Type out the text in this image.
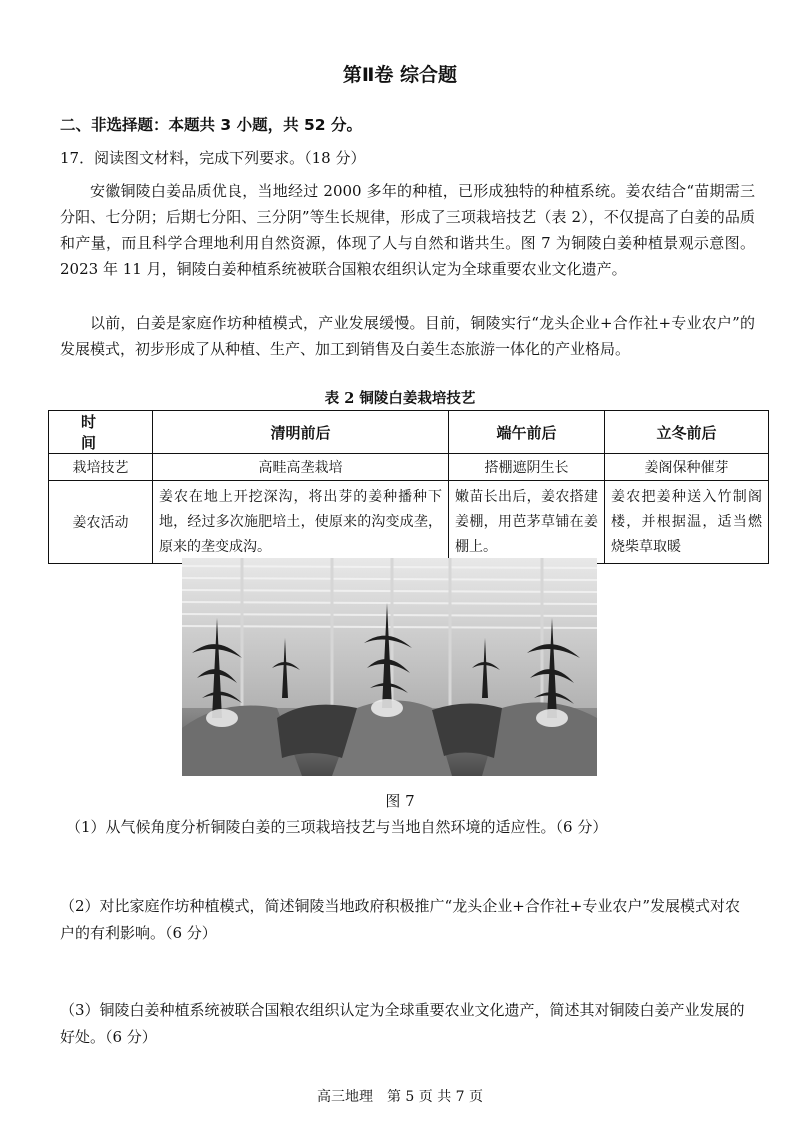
第Ⅱ卷 综合题
二、非选择题：本题共 3 小题，共 52 分。
17．阅读图文材料，完成下列要求。（18 分）

安徽铜陵白姜品质优良，当地经过 2000 多年的种植，已形成独特的种植系统。姜农结合“苗期需三分阳、七分阴；后期七分阳、三分阴”等生长规律，形成了三项栽培技艺（表 2），不仅提高了白姜的品质和产量，而且科学合理地利用自然资源，体现了人与自然和谐共生。图 7 为铜陵白姜种植景观示意图。 2023 年 11 月，铜陵白姜种植系统被联合国粮农组织认定为全球重要农业文化遗产。

以前，白姜是家庭作坊种植模式，产业发展缓慢。目前，铜陵实行“龙头企业+合作社+专业农户”的发展模式，初步形成了从种植、生产、加工到销售及白姜生态旅游一体化的产业格局。

表 2 铜陵白姜栽培技艺
时 间	清明前后	端午前后	立冬前后
栽培技艺	高畦高垄栽培	搭棚遮阴生长	姜阁保种催芽
姜农活动	姜农在地上开挖深沟，将出芽的姜种播种下地，经过多次施肥培土，使原来的沟变成垄，原来的垄变成沟。	嫩苗长出后，姜农搭建姜棚，用芭茅草铺在姜棚上。	姜农把姜种送入竹制阁楼，并根据温，适当燃烧柴草取暖
图 7
（1）从气候角度分析铜陵白姜的三项栽培技艺与当地自然环境的适应性。（6 分）
（2）对比家庭作坊种植模式，简述铜陵当地政府积极推广“龙头企业+合作社+专业农户”发展模式对农户的有利影响。（6 分）
（3）铜陵白姜种植系统被联合国粮农组织认定为全球重要农业文化遗产，简述其对铜陵白姜产业发展的好处。（6 分）
高三地理　第 5 页 共 7 页
